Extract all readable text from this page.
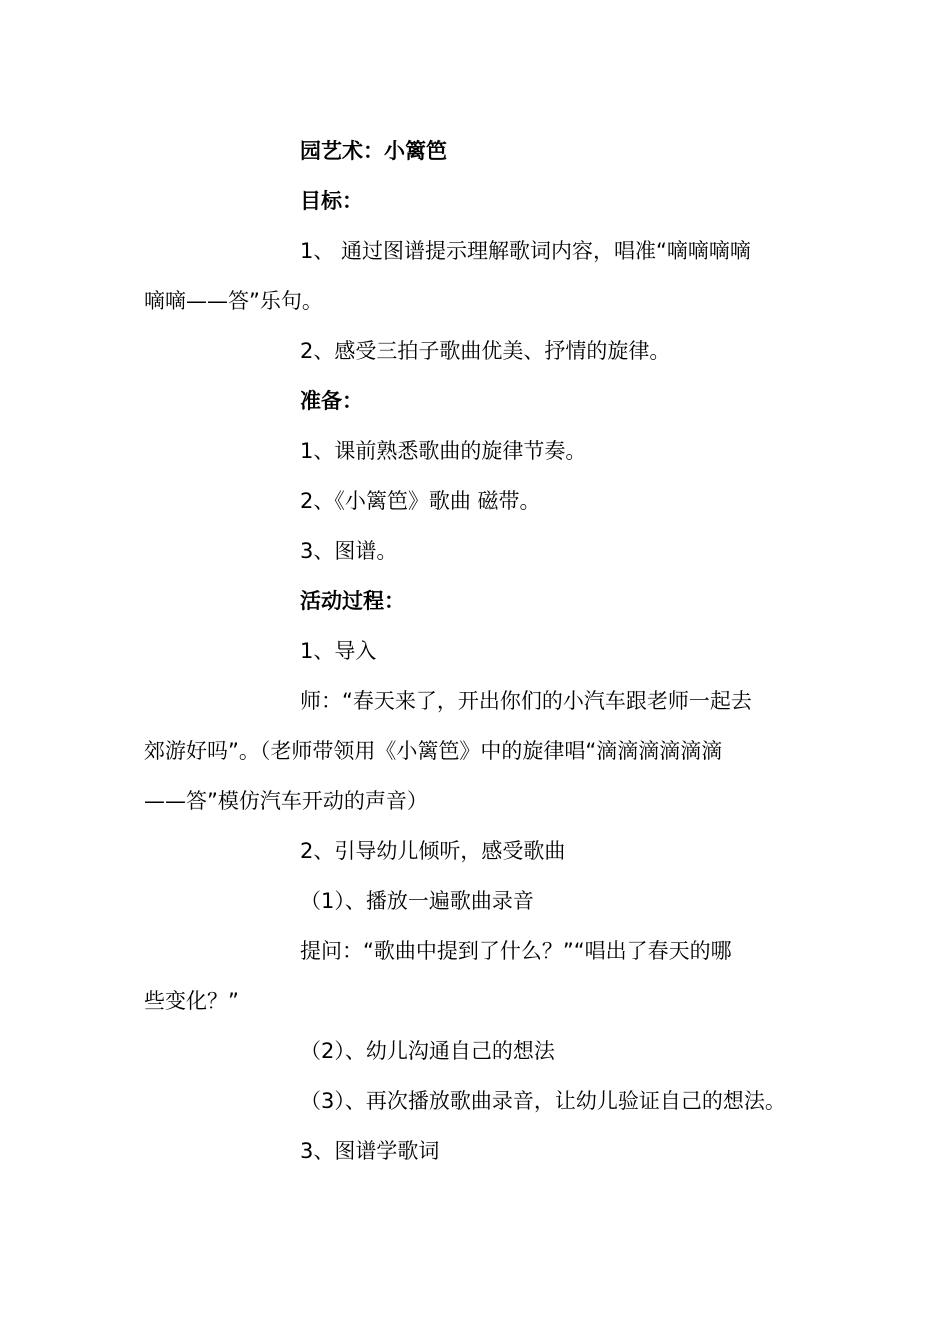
园艺术：小篱笆
目标：
1、 通过图谱提示理解歌词内容，唱准“嘀嘀嘀嘀
嘀嘀——答”乐句。
2、感受三拍子歌曲优美、抒情的旋律。
准备：
1、课前熟悉歌曲的旋律节奏。
2、《小篱笆》歌曲 磁带。
3、图谱。
活动过程：
1、导入
师：“春天来了，开出你们的小汽车跟老师一起去
郊游好吗”。（老师带领用《小篱笆》中的旋律唱“滴滴滴滴滴滴
——答”模仿汽车开动的声音）
2、引导幼儿倾听，感受歌曲
（1）、播放一遍歌曲录音
提问：“歌曲中提到了什么？”“唱出了春天的哪
些变化？”
（2）、幼儿沟通自己的想法
（3）、再次播放歌曲录音，让幼儿验证自己的想法。
3、图谱学歌词
